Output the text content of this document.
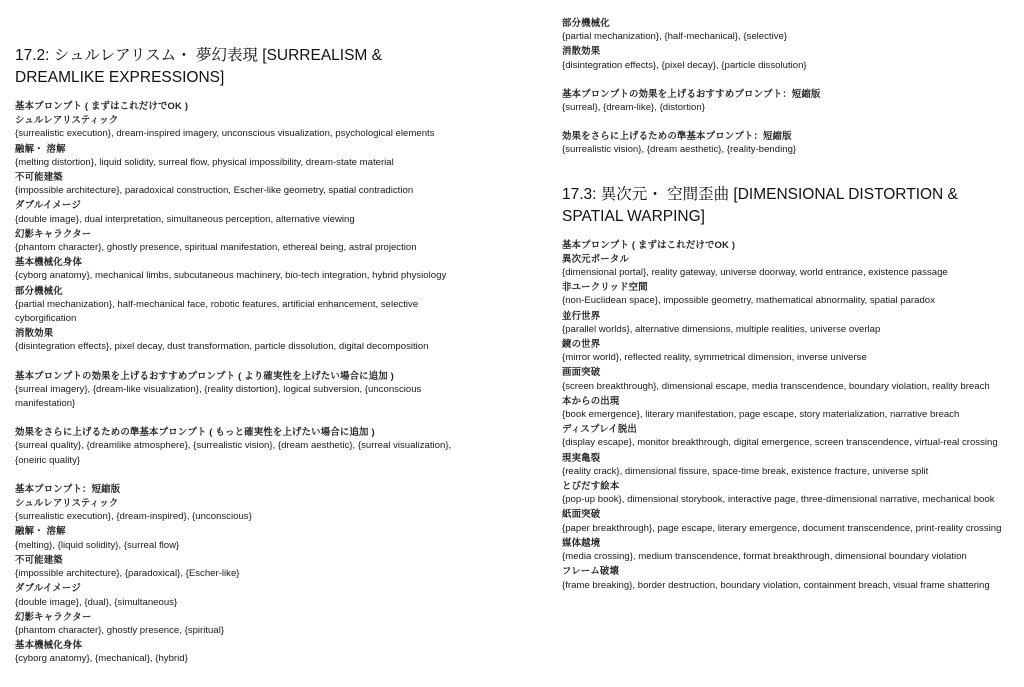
17.2: シュルレアリスム・ 夢幻表現 [SURREALISM & DREAMLIKE EXPRESSIONS]

基本プロンプト ( まずはこれだけでOK )

シュルレアリスティック

{surrealistic execution}, dream-inspired imagery, unconscious visualization, psychological elements

融解・ 溶解

{melting distortion}, liquid solidity, surreal flow, physical impossibility, dream-state material

不可能建築

{impossible architecture}, paradoxical construction, Escher-like geometry, spatial contradiction

ダブルイメージ

{double image}, dual interpretation, simultaneous perception, alternative viewing

幻影キャラクター

{phantom character}, ghostly presence, spiritual manifestation, ethereal being, astral projection

基本機械化身体

{cyborg anatomy}, mechanical limbs, subcutaneous machinery, bio-tech integration, hybrid physiology

部分機械化

{partial mechanization}, half-mechanical face, robotic features, artificial enhancement, selective cyborgification

消散効果

{disintegration effects}, pixel decay, dust transformation, particle dissolution, digital decomposition

基本プロンプトの効果を上げるおすすめプロンプト ( より確実性を上げたい場合に追加 )

{surreal imagery}, {dream-like visualization}, {reality distortion}, logical subversion, {unconscious manifestation}

効果をさらに上げるための準基本プロンプト ( もっと確実性を上げたい場合に追加 )

{surreal quality}, {dreamlike atmosphere}, {surrealistic vision}, {dream aesthetic}, {surreal visualization}, {oneiric quality}

基本プロンプト：短縮版

シュルレアリスティック

{surrealistic execution}, {dream-inspired}, {unconscious}

融解・ 溶解

{melting}, {liquid solidity}, {surreal flow}

不可能建築

{impossible architecture}, {paradoxical}, {Escher-like}

ダブルイメージ

{double image}, {dual}, {simultaneous}

幻影キャラクター

{phantom character}, ghostly presence, {spiritual}

基本機械化身体

{cyborg anatomy}, {mechanical}, {hybrid}

部分機械化

{partial mechanization}, {half-mechanical}, {selective}

消散効果

{disintegration effects}, {pixel decay}, {particle dissolution}

基本プロンプトの効果を上げるおすすめプロンプト：短縮版

{surreal}, {dream-like}, {distortion}

効果をさらに上げるための準基本プロンプト：短縮版

{surrealistic vision}, {dream aesthetic}, {reality-bending}

17.3: 異次元・ 空間歪曲 [DIMENSIONAL DISTORTION & SPATIAL WARPING]

基本プロンプト ( まずはこれだけでOK )

異次元ポータル

{dimensional portal}, reality gateway, universe doorway, world entrance, existence passage

非ユークリッド空間

{non-Euclidean space}, impossible geometry, mathematical abnormality, spatial paradox

並行世界

{parallel worlds}, alternative dimensions, multiple realities, universe overlap

鏡の世界

{mirror world}, reflected reality, symmetrical dimension, inverse universe

画面突破

{screen breakthrough}, dimensional escape, media transcendence, boundary violation, reality breach

本からの出現

{book emergence}, literary manifestation, page escape, story materialization, narrative breach

ディスプレイ脱出

{display escape}, monitor breakthrough, digital emergence, screen transcendence, virtual-real crossing

現実亀裂

{reality crack}, dimensional fissure, space-time break, existence fracture, universe split

とびだす絵本

{pop-up book}, dimensional storybook, interactive page, three-dimensional narrative, mechanical book

紙面突破

{paper breakthrough}, page escape, literary emergence, document transcendence, print-reality crossing

媒体越境

{media crossing}, medium transcendence, format breakthrough, dimensional boundary violation

フレーム破壊

{frame breaking}, border destruction, boundary violation, containment breach, visual frame shattering
